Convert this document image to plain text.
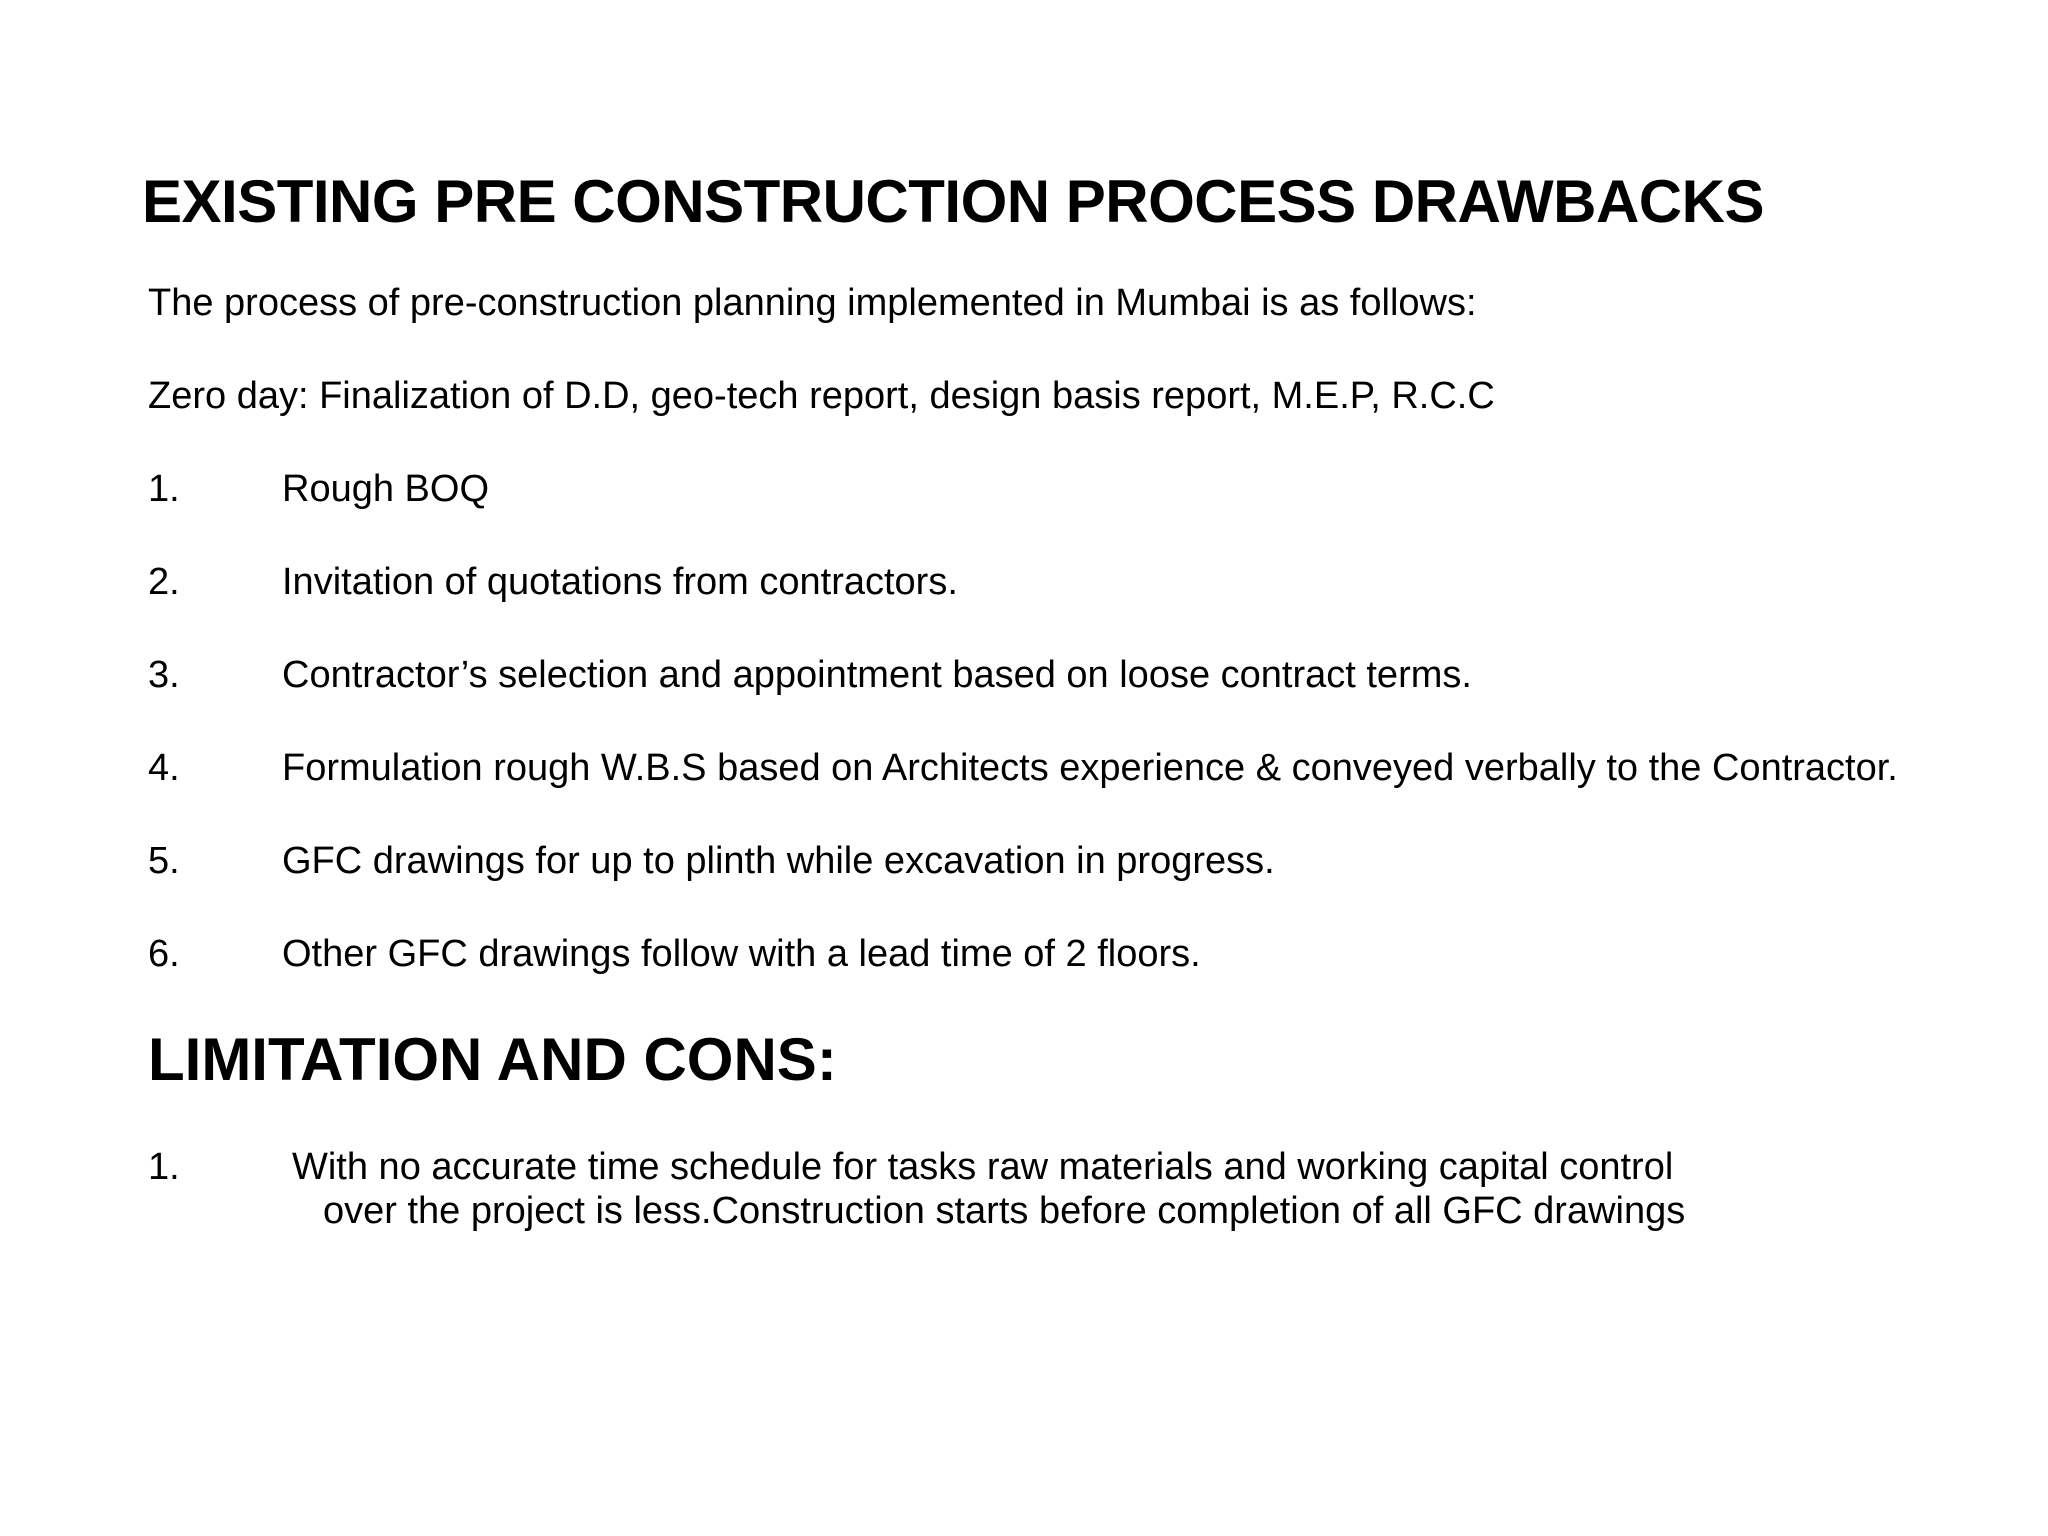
EXISTING PRE CONSTRUCTION PROCESS DRAWBACKS
The process of pre-construction planning implemented in Mumbai is as follows:
Zero day: Finalization of D.D, geo-tech report, design basis report, M.E.P, R.C.C
1.	Rough BOQ
2.	Invitation of quotations from contractors.
3.	Contractor’s selection and appointment based on loose contract terms.
4.	Formulation rough W.B.S based on Architects experience & conveyed verbally to the Contractor.
5.	GFC drawings for up to plinth while excavation in progress.
6.	Other GFC drawings follow with a lead time of 2 floors.
LIMITATION AND CONS:
1.	With no accurate time schedule for tasks raw materials and working capital control
over the project is less.Construction starts before completion of all GFC drawings
